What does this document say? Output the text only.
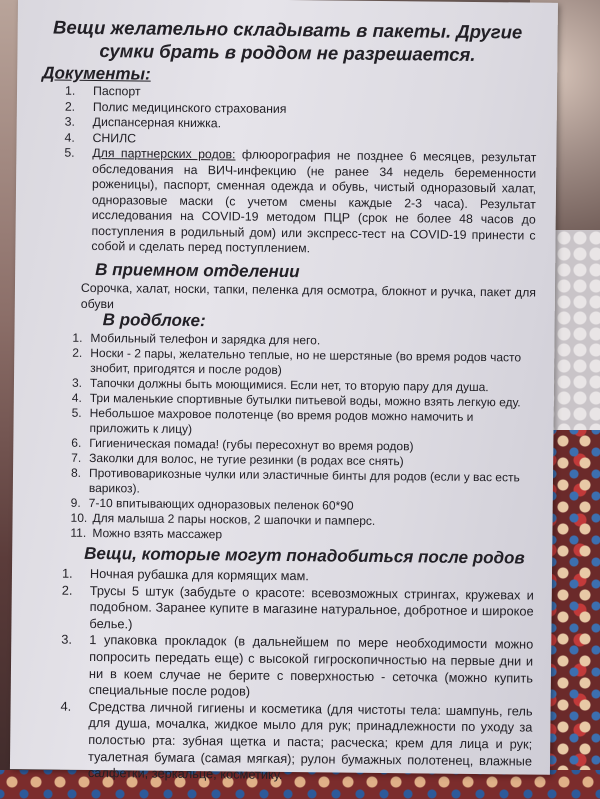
Вещи желательно складывать в пакеты. Другие сумки брать в роддом не разрешается.
Документы:
1. Паспорт
2. Полис медицинского страхования
3. Диспансерная книжка.
4. СНИЛС
5. Для партнерских родов: флюорография не позднее 6 месяцев, результат обследования на ВИЧ-инфекцию (не ранее 34 недель беременности роженицы), паспорт, сменная одежда и обувь, чистый одноразовый халат, одноразовые маски (с учетом смены каждые 2-3 часа). Результат исследования на COVID-19 методом ПЦР (срок не более 48 часов до поступления в родильный дом) или экспресс-тест на COVID-19 принести с собой и сделать перед поступлением.
В приемном отделении
Сорочка, халат, носки, тапки, пеленка для осмотра, блокнот и ручка, пакет для обуви
В родблоке:
1. Мобильный телефон и зарядка для него.
2. Носки - 2 пары, желательно теплые, но не шерстяные (во время родов часто знобит, пригодятся и после родов)
3. Тапочки должны быть моющимися. Если нет, то вторую пару для душа.
4. Три маленькие спортивные бутылки питьевой воды, можно взять легкую еду.
5. Небольшое махровое полотенце (во время родов можно намочить и приложить к лицу)
6. Гигиеническая помада! (губы пересохнут во время родов)
7. Заколки для волос, не тугие резинки (в родах все снять)
8. Противоварикозные чулки или эластичные бинты для родов (если у вас есть варикоз).
9. 7-10 впитывающих одноразовых пеленок 60*90
10. Для малыша 2 пары носков, 2 шапочки и памперс.
11. Можно взять массажер
Вещи, которые могут понадобиться после родов
1. Ночная рубашка для кормящих мам.
2. Трусы 5 штук (забудьте о красоте: всевозможных стрингах, кружевах и подобном. Заранее купите в магазине натуральное, добротное и широкое белье.)
3. 1 упаковка прокладок (в дальнейшем по мере необходимости можно попросить передать еще) с высокой гигроскопичностью на первые дни и ни в коем случае не берите с поверхностью - сеточка (можно купить специальные после родов)
4. Средства личной гигиены и косметика (для чистоты тела: шампунь, гель для душа, мочалка, жидкое мыло для рук; принадлежности по уходу за полостью рта: зубная щетка и паста; расческа; крем для лица и рук; туалетная бумага (самая мягкая); рулон бумажных полотенец, влажные салфетки, зеркальце, косметику.
